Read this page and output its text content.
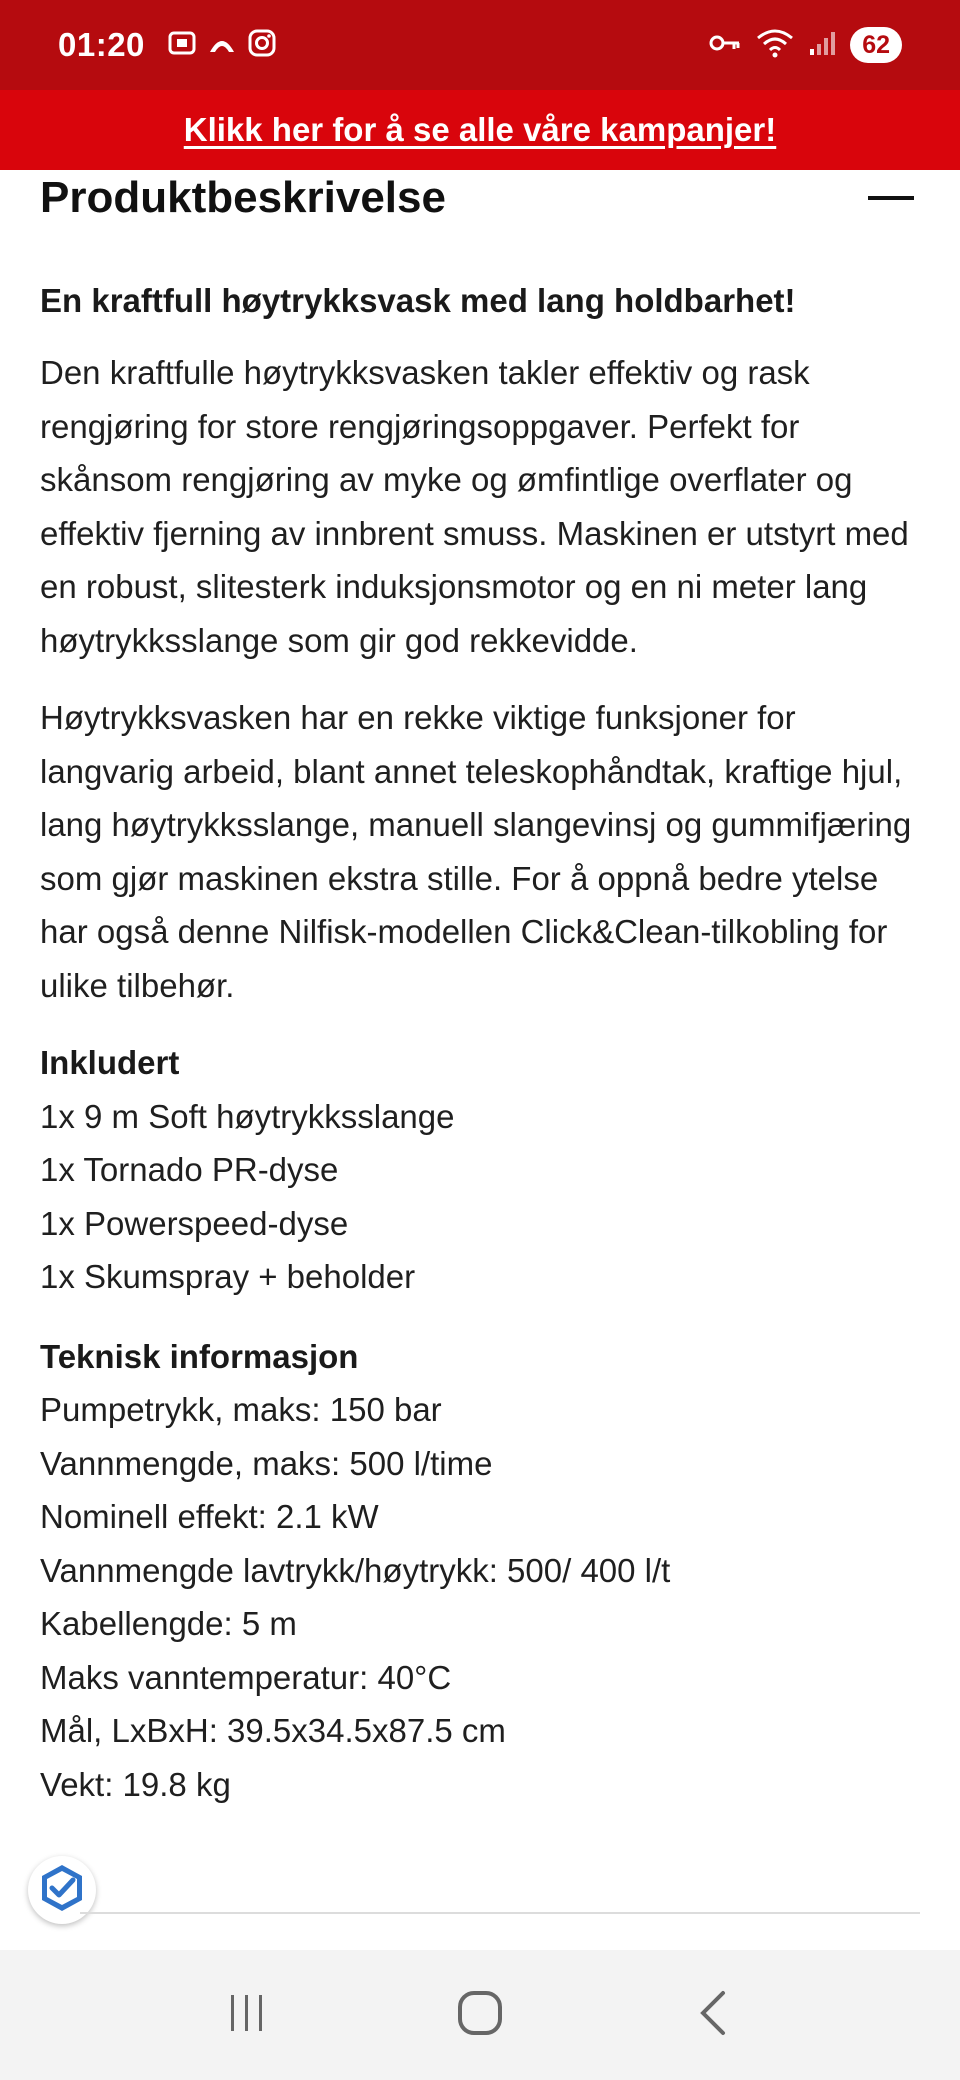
01:20	62
Klikk her for å se alle våre kampanjer!
Produktbeskrivelse
En kraftfull høytrykksvask med lang holdbarhet!

Den kraftfulle høytrykksvasken takler effektiv og rask rengjøring for store rengjøringsoppgaver. Perfekt for skånsom rengjøring av myke og ømfintlige overflater og effektiv fjerning av innbrent smuss. Maskinen er utstyrt med en robust, slitesterk induksjonsmotor og en ni meter lang høytrykksslange som gir god rekkevidde.

Høytrykksvasken har en rekke viktige funksjoner for langvarig arbeid, blant annet teleskophåndtak, kraftige hjul, lang høytrykksslange, manuell slangevinsj og gummifjæring som gjør maskinen ekstra stille. For å oppnå bedre ytelse har også denne Nilfisk-modellen Click&Clean-tilkobling for ulike tilbehør.

Inkludert
1x 9 m Soft høytrykksslange
1x Tornado PR-dyse
1x Powerspeed-dyse
1x Skumspray + beholder
Teknisk informasjon
Pumpetrykk, maks: 150 bar
Vannmengde, maks: 500 l/time
Nominell effekt: 2.1 kW
Vannmengde lavtrykk/høytrykk: 500/ 400 l/t
Kabellengde: 5 m
Maks vanntemperatur: 40°C
Mål, LxBxH: 39.5x34.5x87.5 cm
Vekt: 19.8 kg
